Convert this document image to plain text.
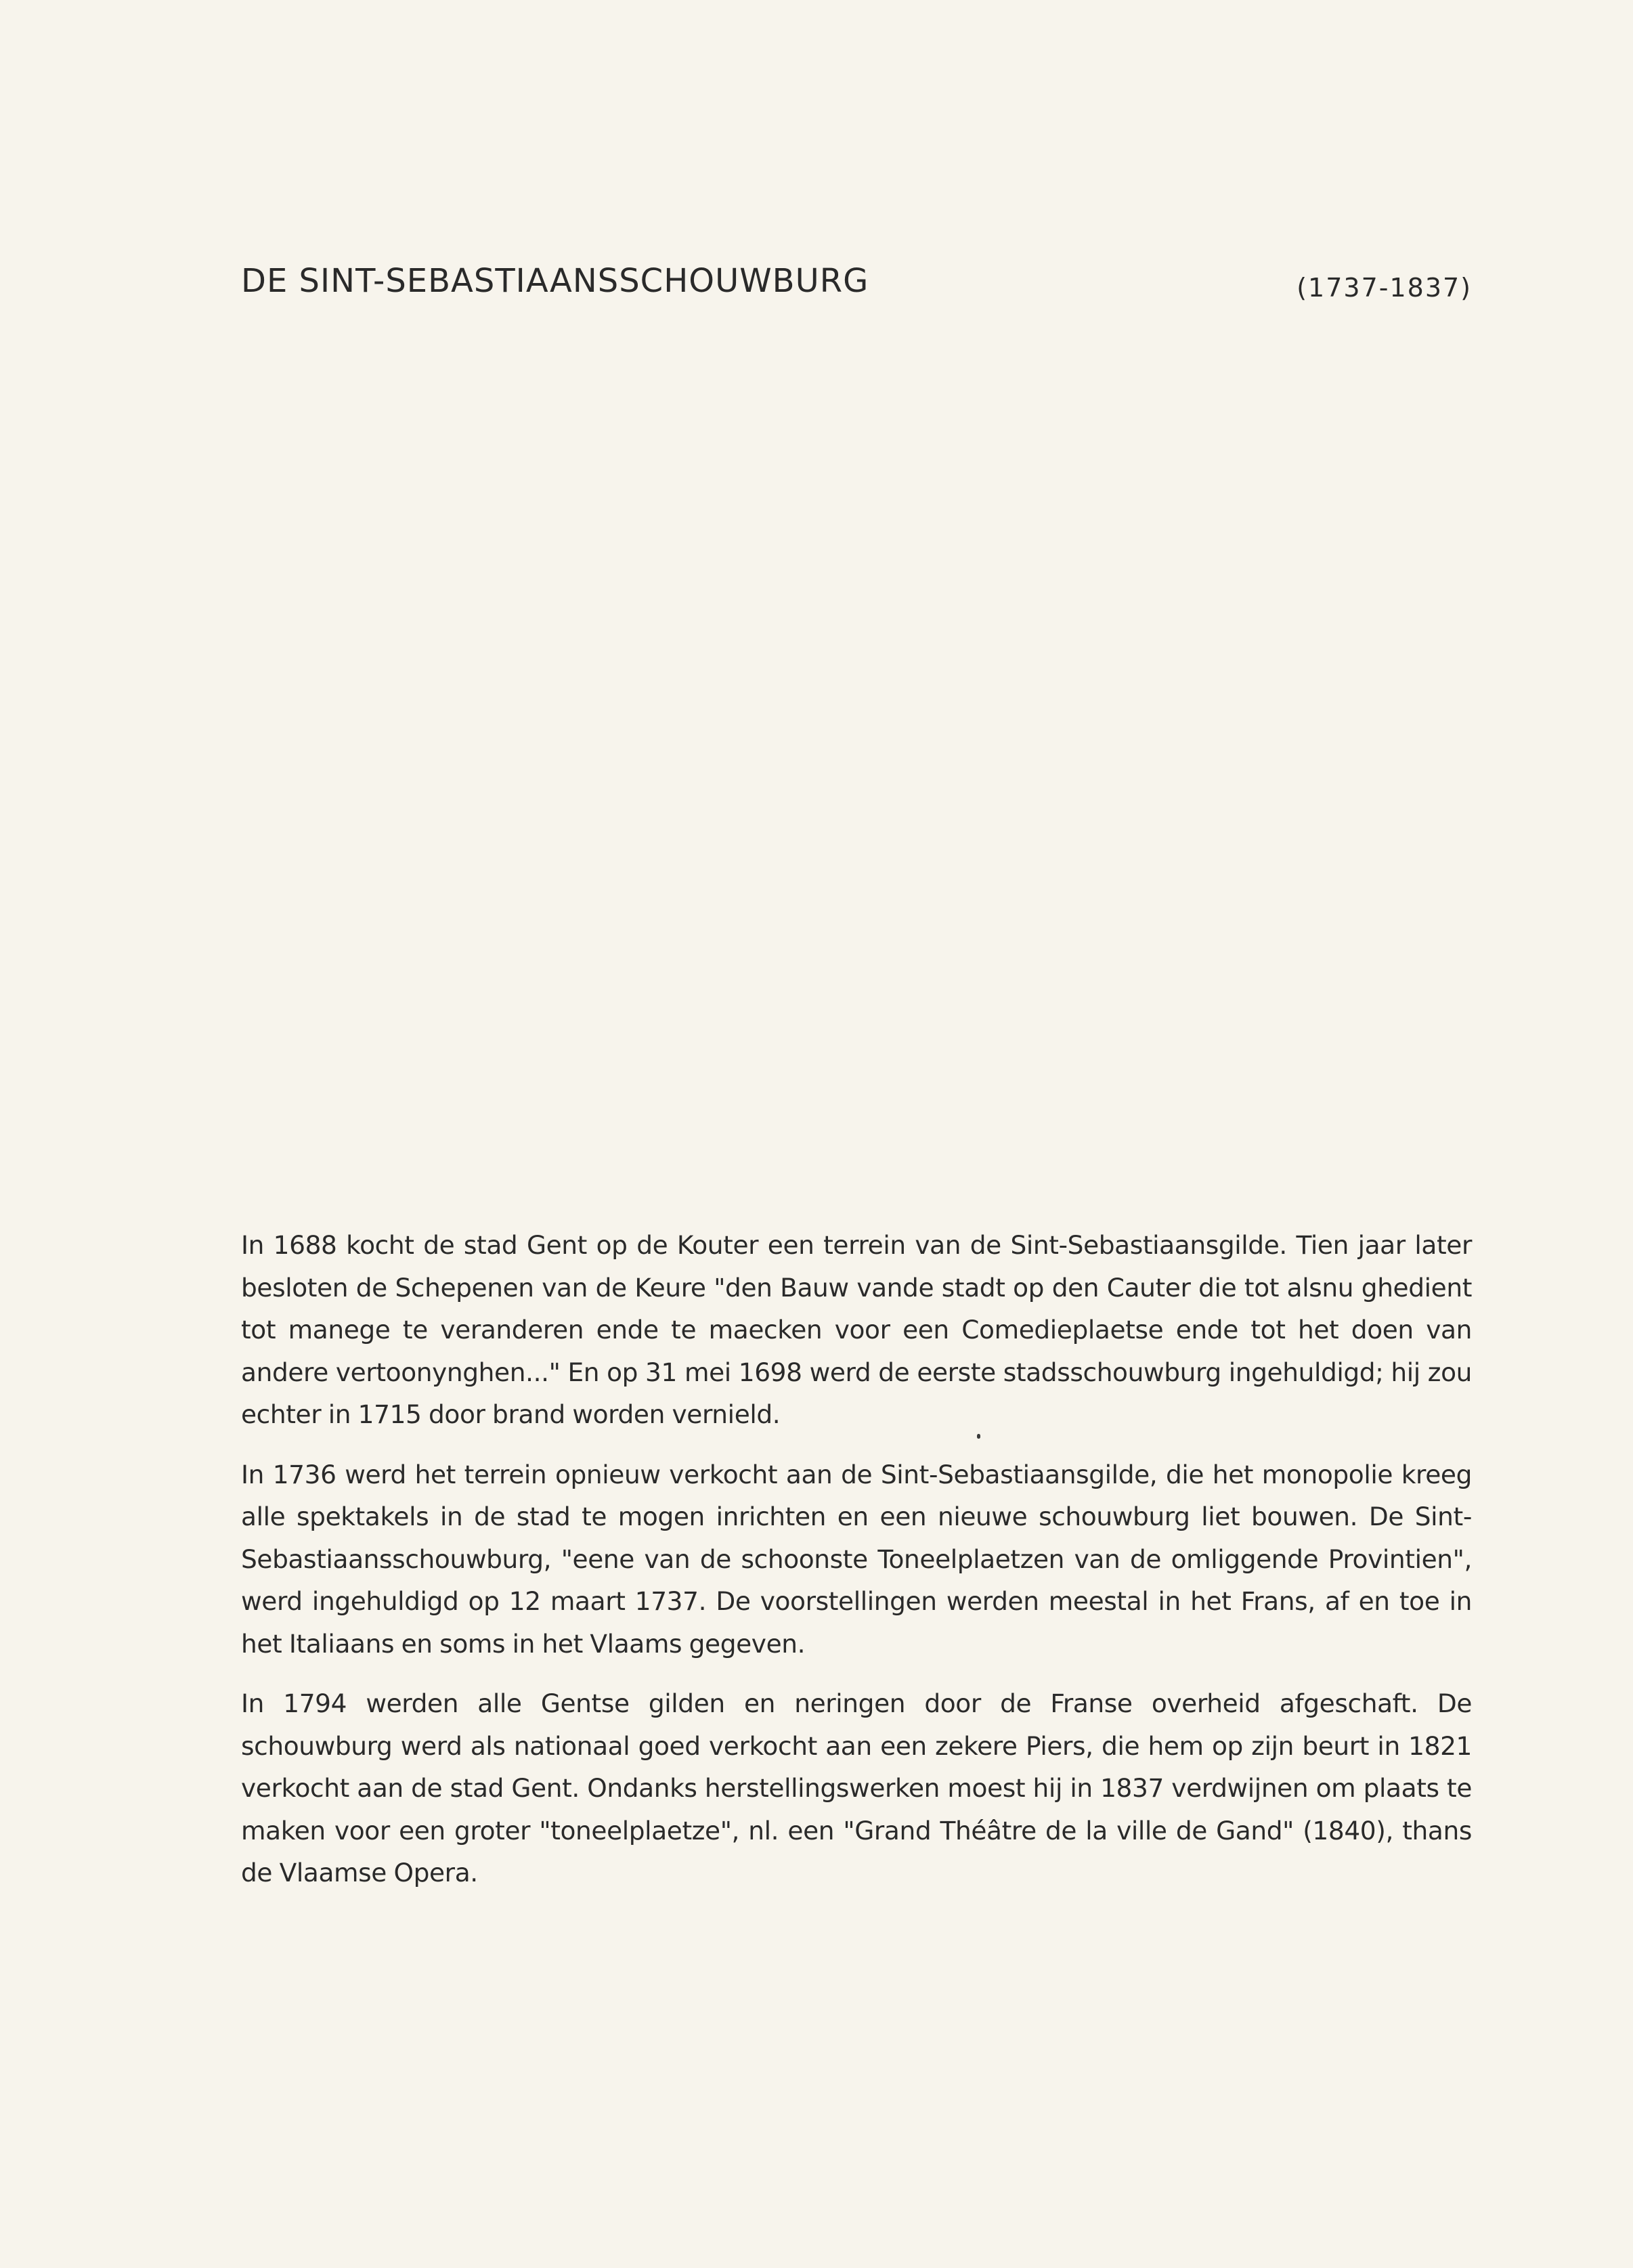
DE SINT-SEBASTIAANSSCHOUWBURG	(1737-1837)

In 1688 kocht de stad Gent op de Kouter een terrein van de Sint-Sebastiaansgilde. Tien jaar later besloten de Schepenen van de Keure "den Bauw vande stadt op den Cauter die tot alsnu ghedient tot manege te veranderen ende te maecken voor een Comedieplaetse ende tot het doen van andere vertoonynghen..." En op 31 mei 1698 werd de eerste stadsschouwburg ingehuldigd; hij zou echter in 1715 door brand worden vernield.

In 1736 werd het terrein opnieuw verkocht aan de Sint-Sebastiaansgilde, die het monopolie kreeg alle spektakels in de stad te mogen inrichten en een nieuwe schouwburg liet bouwen. De Sint-Sebastiaansschouwburg, "eene van de schoonste Toneelplaetzen van de omliggende Provintien", werd ingehuldigd op 12 maart 1737. De voorstellingen werden meestal in het Frans, af en toe in het Italiaans en soms in het Vlaams gegeven.

In 1794 werden alle Gentse gilden en neringen door de Franse overheid afgeschaft. De schouwburg werd als nationaal goed verkocht aan een zekere Piers, die hem op zijn beurt in 1821 verkocht aan de stad Gent. Ondanks herstellingswerken moest hij in 1837 verdwijnen om plaats te maken voor een groter "toneelplaetze", nl. een "Grand Théâtre de la ville de Gand" (1840), thans de Vlaamse Opera.
